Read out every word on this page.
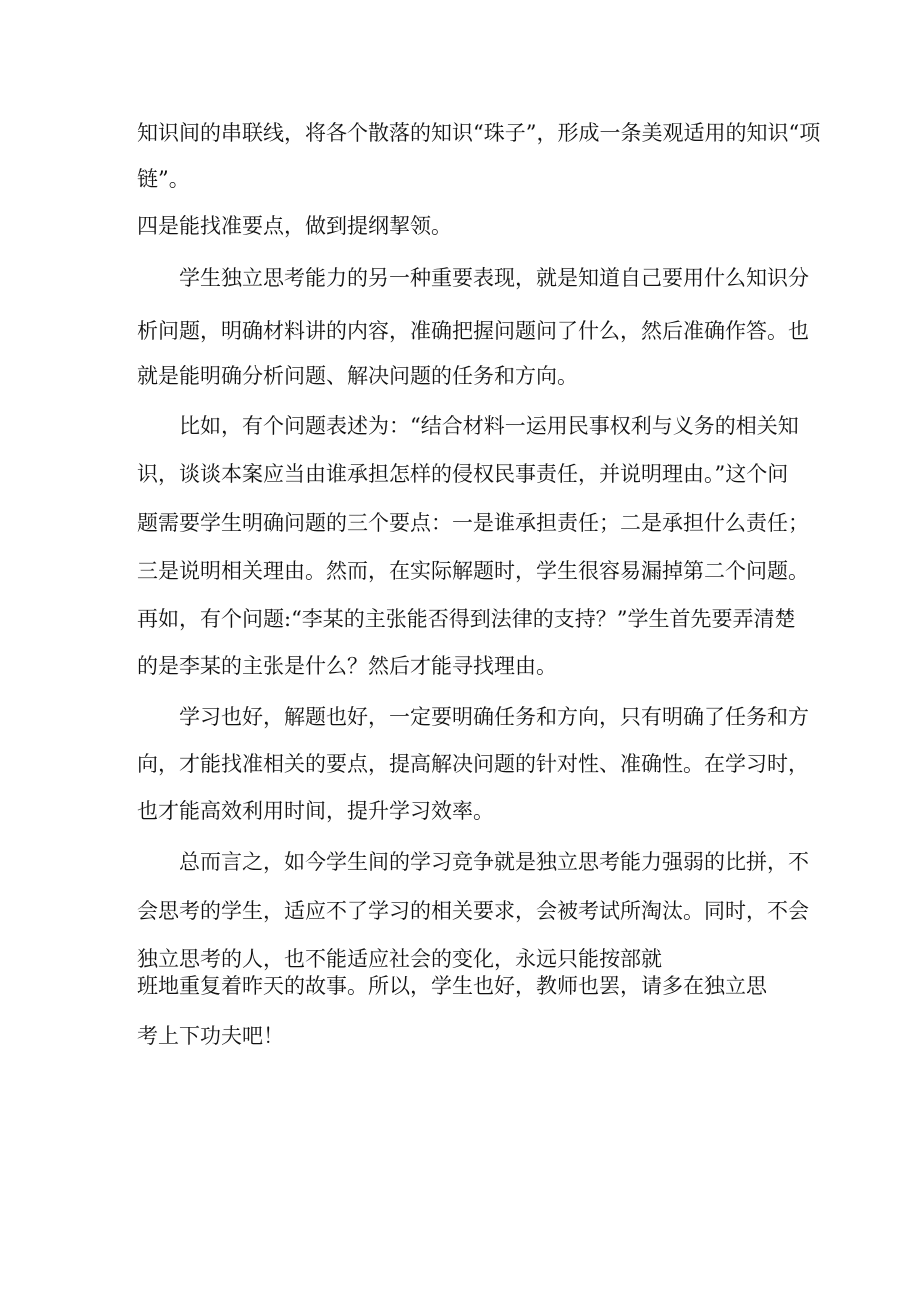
知识间的串联线，将各个散落的知识“珠子”，形成一条美观适用的知识“项
链”。
四是能找准要点，做到提纲挈领。
学生独立思考能力的另一种重要表现，就是知道自己要用什么知识分
析问题，明确材料讲的内容，准确把握问题问了什么，然后准确作答。也
就是能明确分析问题、解决问题的任务和方向。
比如，有个问题表述为：“结合材料一运用民事权利与义务的相关知
识，谈谈本案应当由谁承担怎样的侵权民事责任，并说明理由。”这个问
题需要学生明确问题的三个要点：一是谁承担责任；二是承担什么责任；
三是说明相关理由。然而，在实际解题时，学生很容易漏掉第二个问题。
再如，有个问题:“李某的主张能否得到法律的支持？”学生首先要弄清楚
的是李某的主张是什么？然后才能寻找理由。
学习也好，解题也好，一定要明确任务和方向，只有明确了任务和方
向，才能找准相关的要点，提高解决问题的针对性、准确性。在学习时，
也才能高效利用时间，提升学习效率。
总而言之，如今学生间的学习竞争就是独立思考能力强弱的比拼，不
会思考的学生，适应不了学习的相关要求，会被考试所淘汰。同时，不会
独立思考的人，也不能适应社会的变化，永远只能按部就
班地重复着昨天的故事。所以，学生也好，教师也罢，请多在独立思
考上下功夫吧！
